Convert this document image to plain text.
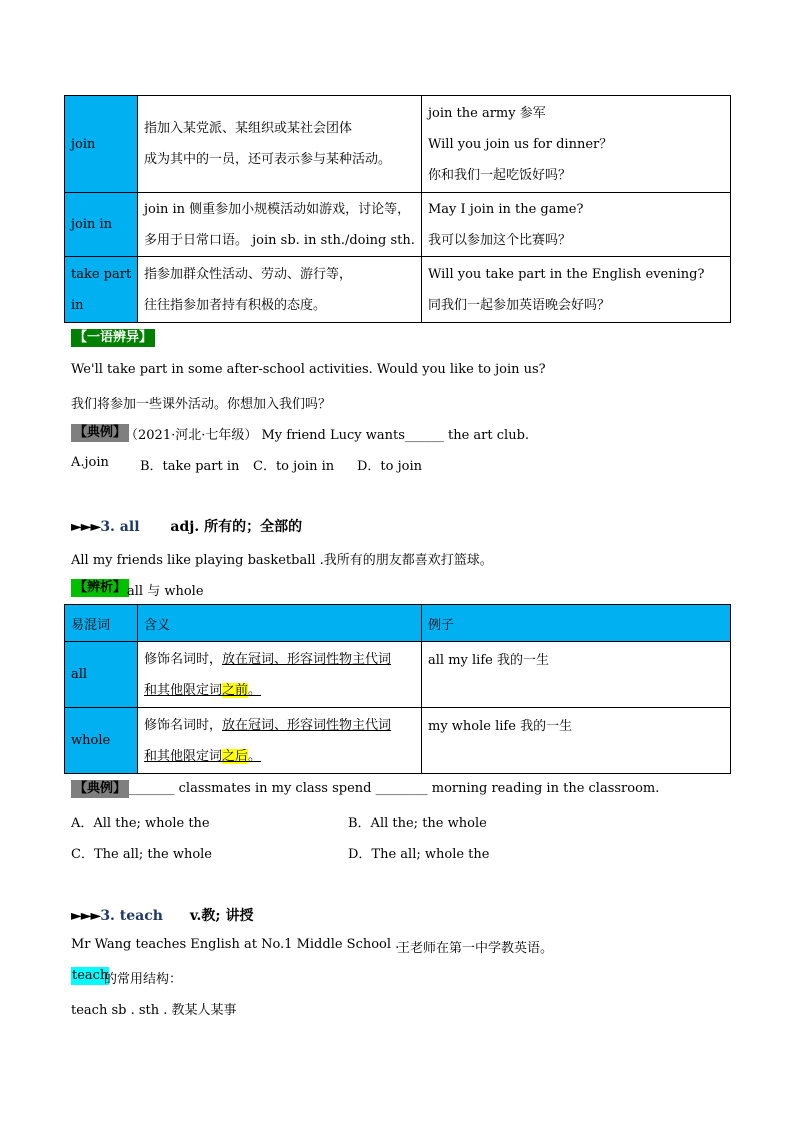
join	指加入某党派、某组织或某社会团体
成为其中的一员，还可表示参与某种活动。	join the army 参军
Will you join us for dinner？
你和我们一起吃饭好吗？

join in	join in 侧重参加小规模活动如游戏，讨论等，
多用于日常口语。 join sb. in sth./doing sth.	May I join in the game?
我可以参加这个比赛吗？

take part
in	指参加群众性活动、劳动、游行等，
往往指参加者持有积极的态度。	Will you take part in the English evening?
同我们一起参加英语晚会好吗？
【一语辨异】
We'll take part in some after-school activities. Would you like to join us?
我们将参加一些课外活动。你想加入我们吗？
【典例】
（2021·河北·七年级） My friend Lucy wants______ the art club.
A.join B．take part in C．to join in D．to join
►►►3. all adj. 所有的；全部的
All my friends like playing basketball .我所有的朋友都喜欢打篮球。
【辨析】 all 与 whole
易混词	含义	例子
all	修饰名词时，放在冠词、形容词性物主代词
和其他限定词之前。	all my life 我的一生

whole	修饰名词时，放在冠词、形容词性物主代词
和其他限定词之后。	my whole life 我的一生
【典例】 _______ classmates in my class spend ________ morning reading in the classroom.
A．All the; whole the	B．All the; the whole
C．The all; the whole	D．The all; whole the
►►►3. teach v.教; 讲授
Mr Wang teaches English at No.1 Middle School .
王老师在第一中学教英语。
teach
的常用结构：
teach sb . sth . 教某人某事
